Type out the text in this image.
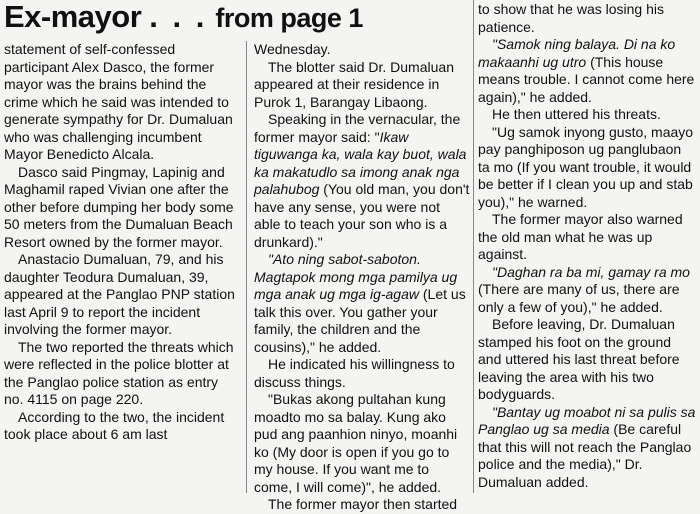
Ex-mayor . . . from page 1

statement of self-confessed participant Alex Dasco, the former mayor was the brains behind the crime which he said was intended to generate sympathy for Dr. Dumaluan who was challenging incumbent Mayor Benedicto Alcala.

Dasco said Pingmay, Lapinig and Maghamil raped Vivian one after the other before dumping her body some 50 meters from the Dumaluan Beach Resort owned by the former mayor.

Anastacio Dumaluan, 79, and his daughter Teodura Dumaluan, 39, appeared at the Panglao PNP station last April 9 to report the incident involving the former mayor.

The two reported the threats which were reflected in the police blotter at the Panglao police station as entry no. 4115 on page 220.

According to the two, the incident took place about 6 am last

Wednesday.

The blotter said Dr. Dumaluan appeared at their residence in Purok 1, Barangay Libaong.

Speaking in the vernacular, the former mayor said: "Ikaw tiguwanga ka, wala kay buot, wala ka makatudlo sa imong anak nga palahubog (You old man, you don't have any sense, you were not able to teach your son who is a drunkard)."

"Ato ning sabot-saboton. Magtapok mong mga pamilya ug mga anak ug mga ig-agaw (Let us talk this over. You gather your family, the children and the cousins)," he added.

He indicated his willingness to discuss things.

"Bukas akong pultahan kung moadto mo sa balay. Kung ako pud ang paanhion ninyo, moanhi ko (My door is open if you go to my house. If you want me to come, I will come)", he added.

The former mayor then started

to show that he was losing his patience.

"Samok ning balaya. Di na ko makaanhi ug utro (This house means trouble. I cannot come here again)," he added.

He then uttered his threats.

"Ug samok inyong gusto, maayo pay panghiposon ug panglubaon ta mo (If you want trouble, it would be better if I clean you up and stab you)," he warned.

The former mayor also warned the old man what he was up against.

"Daghan ra ba mi, gamay ra mo (There are many of us, there are only a few of you)," he added.

Before leaving, Dr. Dumaluan stamped his foot on the ground and uttered his last threat before leaving the area with his two bodyguards.

"Bantay ug moabot ni sa pulis sa Panglao ug sa media (Be careful that this will not reach the Panglao police and the media)," Dr. Dumaluan added.
